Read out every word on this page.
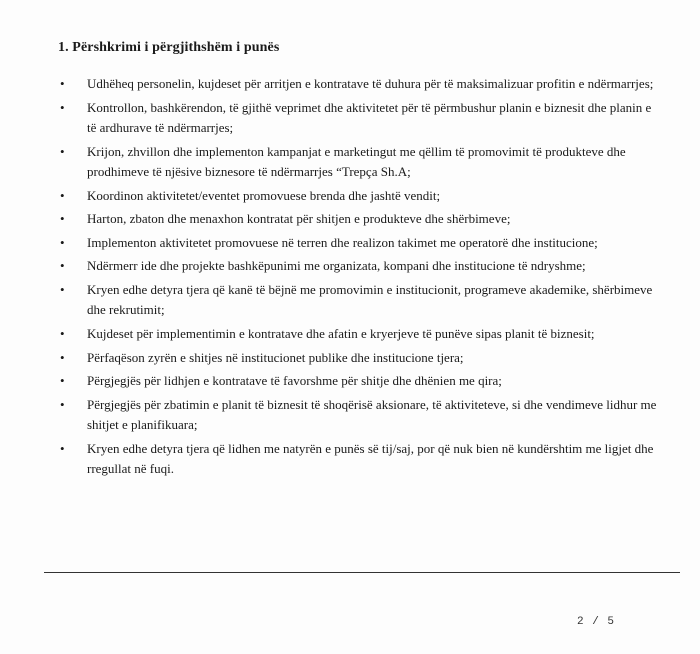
1. Përshkrimi i përgjithshëm i punës
• Udhëheq personelin, kujdeset për arritjen e kontratave të duhura për të maksimalizuar profitin e ndërmarrjes;
• Kontrollon, bashkërendon, të gjithë veprimet dhe aktivitetet për të përmbushur planin e biznesit dhe planin e të ardhurave të ndërmarrjes;
• Krijon, zhvillon dhe implementon kampanjat e marketingut me qëllim të promovimit të produkteve dhe prodhimeve të njësive biznesore të ndërmarrjes “Trepça Sh.A;
• Koordinon aktivitetet/eventet promovuese brenda dhe jashtë vendit;
• Harton, zbaton dhe menaxhon kontratat për shitjen e produkteve dhe shërbimeve;
• Implementon aktivitetet promovuese në terren dhe realizon takimet me operatorë dhe institucione;
• Ndërmerr ide dhe projekte bashkëpunimi me organizata, kompani dhe institucione të ndryshme;
• Kryen edhe detyra tjera që kanë të bëjnë me promovimin e institucionit, programeve akademike, shërbimeve dhe rekrutimit;
• Kujdeset për implementimin e kontratave dhe afatin e kryerjeve të punëve sipas planit të biznesit;
• Përfaqëson zyrën e shitjes në institucionet publike dhe institucione tjera;
• Përgjegjës për lidhjen e kontratave të favorshme për shitje dhe dhënien me qira;
• Përgjegjës për zbatimin e planit të biznesit të shoqërisë aksionare, të aktiviteteve, si dhe vendimeve lidhur me shitjet e planifikuara;
• Kryen edhe detyra tjera që lidhen me natyrën e punës së tij/saj, por që nuk bien në kundërshtim me ligjet dhe rregullat në fuqi.
2 / 5
